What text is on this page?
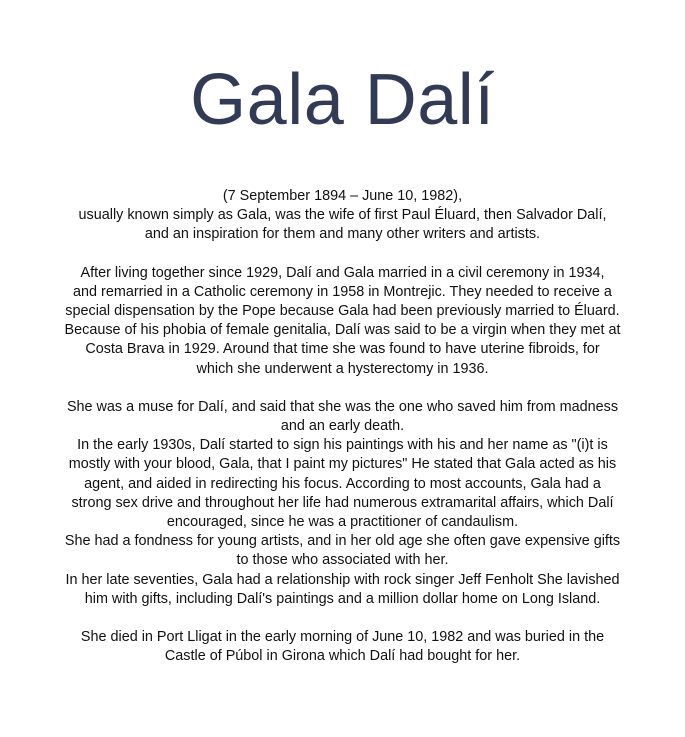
Gala Dalí
(7 September 1894 – June 10, 1982),
usually known simply as Gala, was the wife of first Paul Éluard, then Salvador Dalí,
and an inspiration for them and many other writers and artists.
After living together since 1929, Dalí and Gala married in a civil ceremony in 1934,
and remarried in a Catholic ceremony in 1958 in Montrejic. They needed to receive a
special dispensation by the Pope because Gala had been previously married to Éluard.
Because of his phobia of female genitalia, Dalí was said to be a virgin when they met at
Costa Brava in 1929. Around that time she was found to have uterine fibroids, for
which she underwent a hysterectomy in 1936.
She was a muse for Dalí, and said that she was the one who saved him from madness
and an early death.
In the early 1930s, Dalí started to sign his paintings with his and her name as "(i)t is
mostly with your blood, Gala, that I paint my pictures" He stated that Gala acted as his
agent, and aided in redirecting his focus. According to most accounts, Gala had a
strong sex drive and throughout her life had numerous extramarital affairs, which Dalí
encouraged, since he was a practitioner of candaulism.
She had a fondness for young artists, and in her old age she often gave expensive gifts
to those who associated with her.
In her late seventies, Gala had a relationship with rock singer Jeff Fenholt She lavished
him with gifts, including Dalí's paintings and a million dollar home on Long Island.
She died in Port Lligat in the early morning of June 10, 1982 and was buried in the
Castle of Púbol in Girona which Dalí had bought for her.
